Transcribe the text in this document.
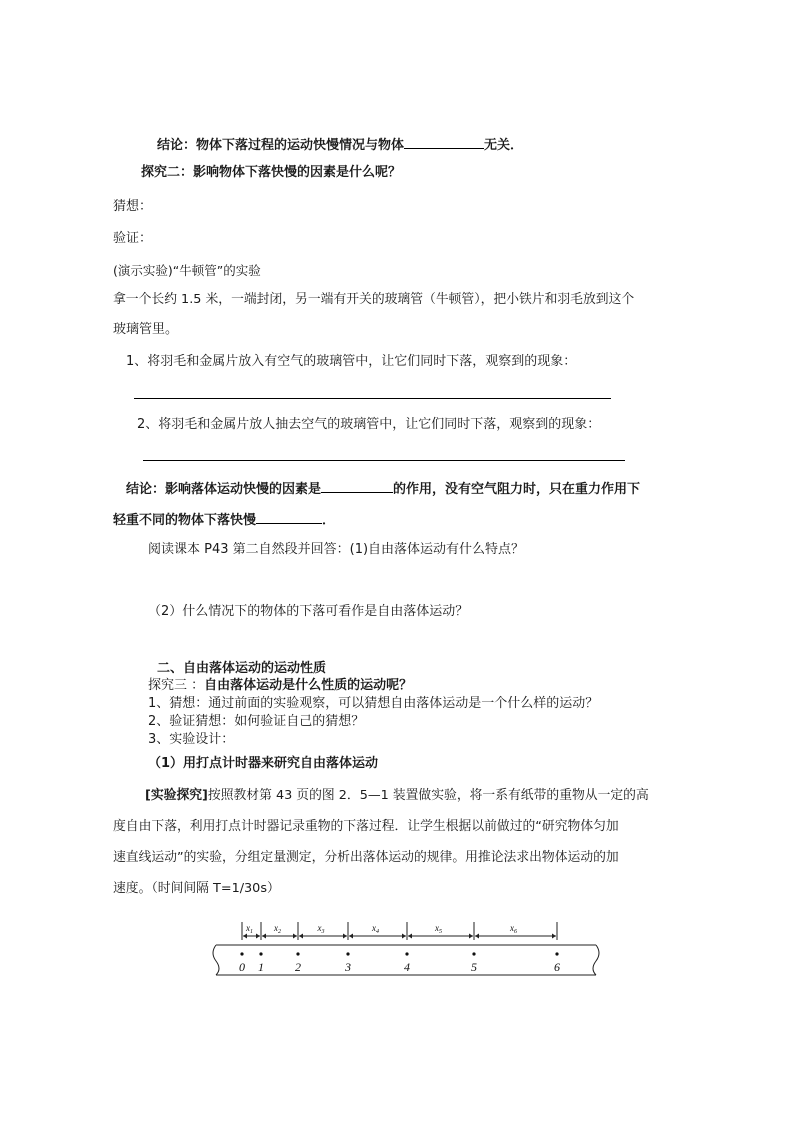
结论：物体下落过程的运动快慢情况与物体	无关．
探究二：影响物体下落快慢的因素是什么呢？
猜想：
验证：
(演示实验)“牛顿管”的实验
拿一个长约 1.5 米，一端封闭，另一端有开关的玻璃管（牛顿管），把小铁片和羽毛放到这个
玻璃管里。
1、将羽毛和金属片放入有空气的玻璃管中，让它们同时下落，观察到的现象：
2、将羽毛和金属片放人抽去空气的玻璃管中，让它们同时下落，观察到的现象：
结论：影响落体运动快慢的因素是	的作用，没有空气阻力时，只在重力作用下
轻重不同的物体下落快慢	．
阅读课本 P43 第二自然段并回答：(1)自由落体运动有什么特点？
（2）什么情况下的物体的下落可看作是自由落体运动？
二、自由落体运动的运动性质
探究三 ：自由落体运动是什么性质的运动呢？
1、猜想：通过前面的实验观察，可以猜想自由落体运动是一个什么样的运动？
2、验证猜想：如何验证自己的猜想？
3、实验设计：
（1）用打点计时器来研究自由落体运动
[实验探究]按照教材第 43 页的图 2．5—1 装置做实验，将一系有纸带的重物从一定的高
度自由下落，利用打点计时器记录重物的下落过程．让学生根据以前做过的“研究物体匀加
速直线运动”的实验，分组定量测定，分析出落体运动的规律。用推论法求出物体运动的加
速度。（时间间隔 T=1/30s）
$x_1$ $x_2$	$x_3$	$x_4$	$x_5$	$x_6$
0 1	2	3	4	5	6
